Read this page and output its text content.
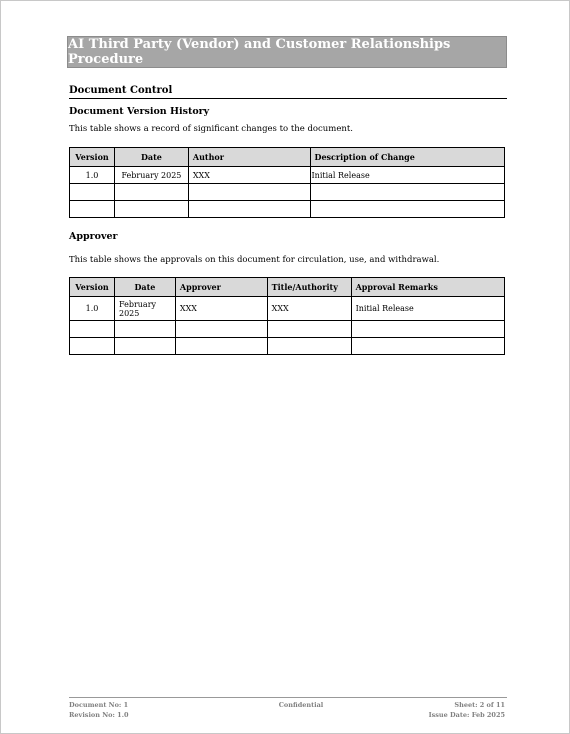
AI Third Party (Vendor) and Customer Relationships Procedure
Document Control
Document Version History
This table shows a record of significant changes to the document.
Version	Date	Author	Description of Change
1.0	February 2025	XXX	Initial Release

Approver
This table shows the approvals on this document for circulation, use, and withdrawal.
Version	Date	Approver	Title/Authority	Approval Remarks
1.0	February 2025	XXX	XXX	Initial Release

Document No: 1
Revision No: 1.0
Confidential	Sheet: 2 of 11
Issue Date: Feb 2025
